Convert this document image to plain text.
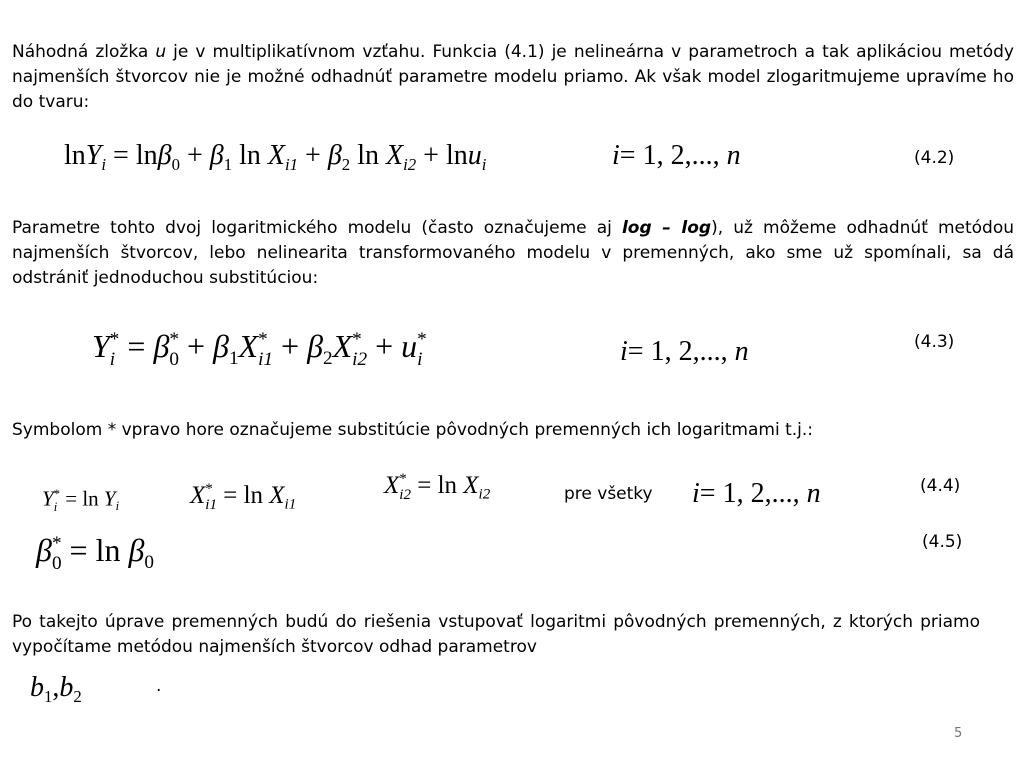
Náhodná zložka u je v multiplikatívnom vzťahu. Funkcia (4.1) je nelineárna v parametroch a tak aplikáciou metódy najmenších štvorcov nie je možné odhadnúť parametre modelu priamo. Ak však model zlogaritmujeme upravíme ho do tvaru:
$\ln Y_i = \ln\beta_0 + \beta_1$ $\ln X_{i1} + \beta_2$ $\ln X_{i2} + \ln u_i$	i= 1, 2,..., n	(4.2)
Parametre tohto dvoj logaritmického modelu (často označujeme aj log – log), už môžeme odhadnúť metódou najmenších štvorcov, lebo nelinearita transformovaného modelu v premenných, ako sme už spomínali, sa dá odstrániť jednoduchou substitúciou:
Y *
i = β *
$0 + \beta_1X$ *
$i1 + \beta_2X$ *
i2 + u *
i	i= 1, 2,..., n	(4.3)
Symbolom * vpravo hore označujeme substitúcie pôvodných premenných ich logaritmami t.j.:
Y *
$i = \ln Y_i$	X *
$i1 = \ln X_{i1}$
X *
$i2 = \ln X_{i2}$	pre všetky i= 1, 2,..., n	(4.4)
β *
$0 = \ln \beta_0$
(4.5)
Po takejto úprave premenných budú do riešenia vstupovať logaritmi pôvodných premenných, z ktorých priamo vypočítame metódou najmenších štvorcov odhad parametrov
$b_1,b_2$
.
5
